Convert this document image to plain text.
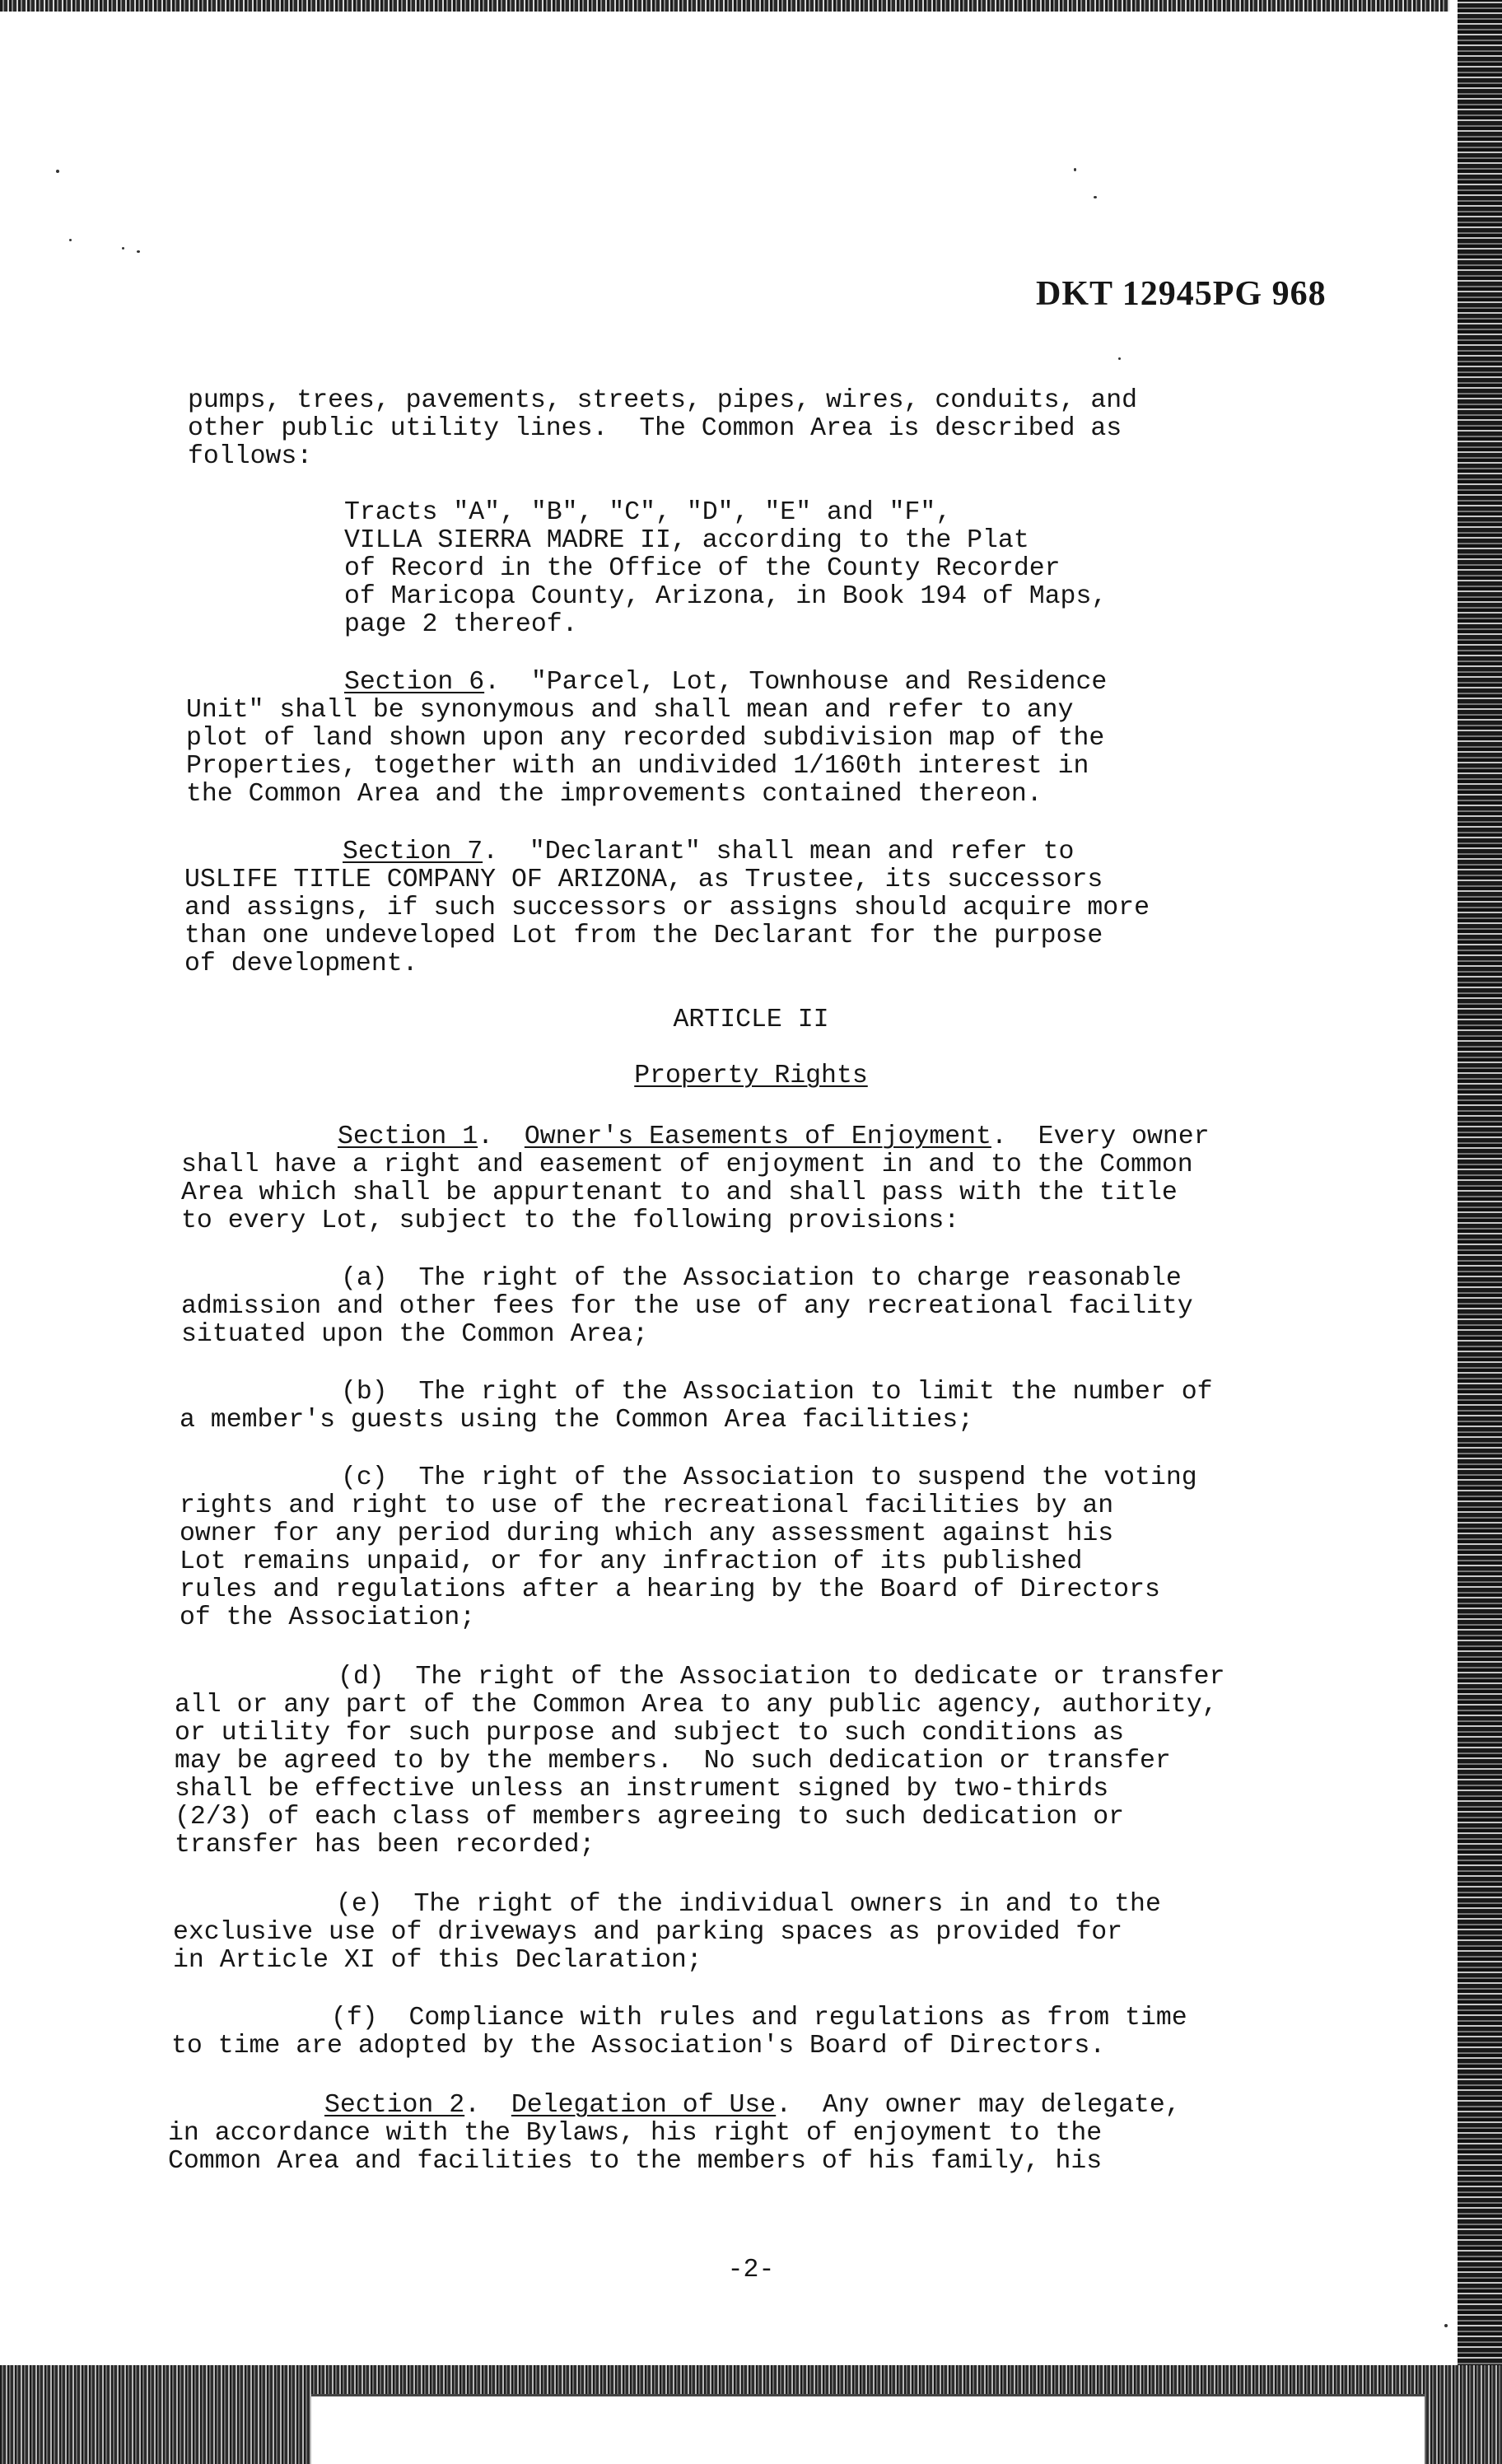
DKT 12945PG 968

pumps, trees, pavements, streets, pipes, wires, conduits, and

other public utility lines.  The Common Area is described as

follows:

Tracts "A", "B", "C", "D", "E" and "F",

VILLA SIERRA MADRE II, according to the Plat

of Record in the Office of the County Recorder

of Maricopa County, Arizona, in Book 194 of Maps,

page 2 thereof.

Section 6.  "Parcel, Lot, Townhouse and Residence

Unit" shall be synonymous and shall mean and refer to any

plot of land shown upon any recorded subdivision map of the

Properties, together with an undivided 1/160th interest in

the Common Area and the improvements contained thereon.

Section 7.  "Declarant" shall mean and refer to

USLIFE TITLE COMPANY OF ARIZONA, as Trustee, its successors

and assigns, if such successors or assigns should acquire more

than one undeveloped Lot from the Declarant for the purpose

of development.

ARTICLE II

Property Rights

Section 1.  Owner's Easements of Enjoyment.  Every owner

shall have a right and easement of enjoyment in and to the Common

Area which shall be appurtenant to and shall pass with the title

to every Lot, subject to the following provisions:

(a)  The right of the Association to charge reasonable

admission and other fees for the use of any recreational facility

situated upon the Common Area;

(b)  The right of the Association to limit the number of

a member's guests using the Common Area facilities;

(c)  The right of the Association to suspend the voting

rights and right to use of the recreational facilities by an

owner for any period during which any assessment against his

Lot remains unpaid, or for any infraction of its published

rules and regulations after a hearing by the Board of Directors

of the Association;

(d)  The right of the Association to dedicate or transfer

all or any part of the Common Area to any public agency, authority,

or utility for such purpose and subject to such conditions as

may be agreed to by the members.  No such dedication or transfer

shall be effective unless an instrument signed by two-thirds

(2/3) of each class of members agreeing to such dedication or

transfer has been recorded;

(e)  The right of the individual owners in and to the

exclusive use of driveways and parking spaces as provided for

in Article XI of this Declaration;

(f)  Compliance with rules and regulations as from time

to time are adopted by the Association's Board of Directors.

Section 2.  Delegation of Use.  Any owner may delegate,

in accordance with the Bylaws, his right of enjoyment to the

Common Area and facilities to the members of his family, his

-2-
